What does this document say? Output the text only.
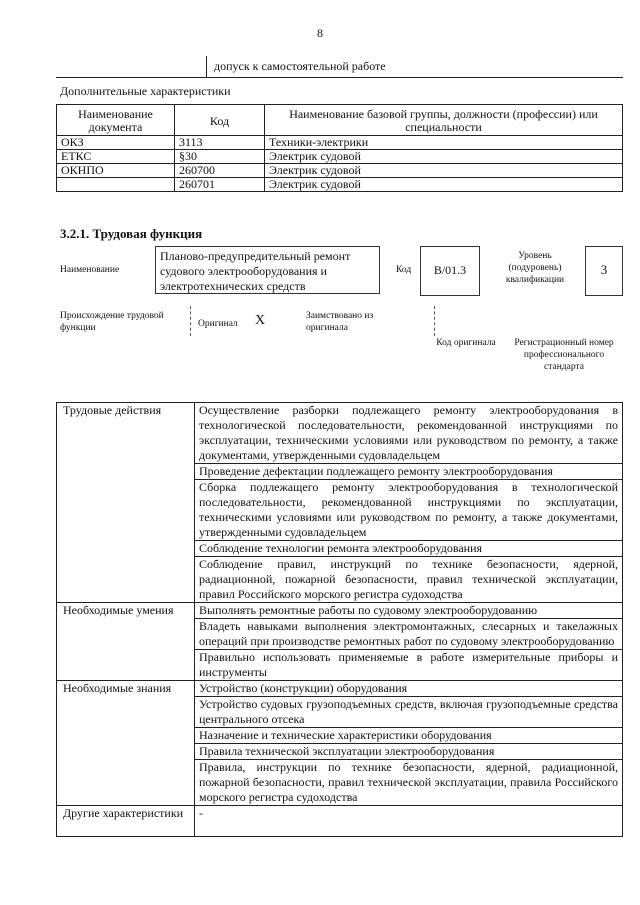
8
допуск к самостоятельной работе
Дополнительные характеристики
Наименование документа	Код	Наименование базовой группы, должности (профессии) или специальности
ОКЗ	3113	Техники-электрики
ЕТКС	§30	Электрик судовой
ОКНПО	260700	Электрик судовой
	260701	Электрик судовой
3.2.1. Трудовая функция
Наименование
Планово-предупредительный ремонт судового электрооборудования и электротехнических средств
Код	B/01.3
Уровень (подуровень) квалификации
3
Происхождение трудовой функции	Оригинал X	Заимствовано из оригинала
Код оригинала	Регистрационный номер профессионального стандарта
Трудовые действия	Осуществление разборки подлежащего ремонту электрооборудования в технологической последовательности, рекомендованной инструкциями по эксплуатации, техническими условиями или руководством по ремонту, а также документами, утвержденными судовладельцем
	Проведение дефектации подлежащего ремонту электрооборудования
	Сборка подлежащего ремонту электрооборудования в технологической последовательности, рекомендованной инструкциями по эксплуатации, техническими условиями или руководством по ремонту, а также документами, утвержденными судовладельцем
	Соблюдение технологии ремонта электрооборудования
	Соблюдение правил, инструкций по технике безопасности, ядерной, радиационной, пожарной безопасности, правил технической эксплуатации, правил Российского морского регистра судоходства
Необходимые умения	Выполнять ремонтные работы по судовому электрооборудованию
	Владеть навыками выполнения электромонтажных, слесарных и такелажных операций при производстве ремонтных работ по судовому электрооборудованию
	Правильно использовать применяемые в работе измерительные приборы и инструменты
Необходимые знания	Устройство (конструкции) оборудования
	Устройство судовых грузоподъемных средств, включая грузоподъемные средства центрального отсека
	Назначение и технические характеристики оборудования
	Правила технической эксплуатации электрооборудования
	Правила, инструкции по технике безопасности, ядерной, радиационной, пожарной безопасности, правил технической эксплуатации, правила Российского морского регистра судоходства
Другие характеристики	-
